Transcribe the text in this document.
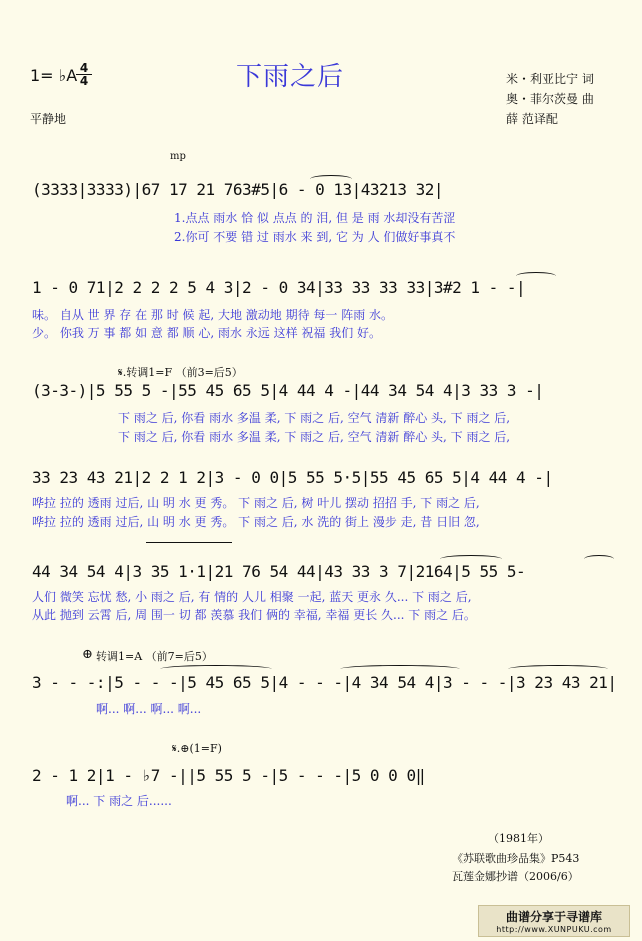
1= ♭A 4
4	下雨之后	米・利亚比宁 词
奥・菲尔茨曼 曲
薛 范译配
平静地
mp
(3333|3333)|67 17 21 763#5|6 - 0 13|43213 32|
1.点点 雨水 恰 似 点点 的 泪, 但 是 雨 水却没有苦涩
2.你可 不要 错 过 雨水 来 到, 它 为 人 们做好事真不
1 - 0 71|2 2 2 2 5 4 3|2 - 0 34|33 33 33 33|3#2 1 - -|
味。 自从 世 界 存 在 那 时 候 起, 大地 激动地 期待 每一 阵雨 水。
少。 你我 万 事 都 如 意 都 顺 心, 雨水 永远 这样 祝福 我们 好。
𝄋.转调1=F （前3=后5）
(3-3-)|5 55 5 -|55 45 65 5|4 44 4 -|44 34 54 4|3 33 3 -|
下 雨之 后, 你看 雨水 多温 柔, 下 雨之 后, 空气 清新 醉心 头, 下 雨之 后,
下 雨之 后, 你看 雨水 多温 柔, 下 雨之 后, 空气 清新 醉心 头, 下 雨之 后,
33 23 43 21|2 2 1 2|3 - 0 0|5 55 5·5|55 45 65 5|4 44 4 -|
哗拉 拉的 透雨 过后, 山 明 水 更 秀。 下 雨之 后, 树 叶儿 摆动 招招 手, 下 雨之 后,
哗拉 拉的 透雨 过后, 山 明 水 更 秀。 下 雨之 后, 水 洗的 街上 漫步 走, 昔 日旧 忽,
44 34 54 4|3 35 1·1|21 76 54 44|43 33 3 7|2164|5 55 5-
人们 微笑 忘忧 愁, 小 雨之 后, 有 情的 人儿 相聚 一起, 蓝天 更永 久... 下 雨之 后,
从此 抛到 云霄 后, 周 围一 切 都 羡慕 我们 俩的 幸福, 幸福 更长 久... 下 雨之 后。
⊕ 转调1=A （前7=后5）
3 - - -:|5 - - -|5 45 65 5|4 - - -|4 34 54 4|3 - - -|3 23 43 21|
啊... 啊... 啊... 啊...
𝄋.⊕(1=F)
2 - 1 2|1 - ♭7 -||5 55 5 -|5 - - -|5 0 0 0‖
啊... 下 雨之 后......
（1981年）
《苏联歌曲珍品集》P543
瓦莲金娜抄谱（2006/6）
曲谱分享于寻谱库
http://www.XUNPUKU.com
